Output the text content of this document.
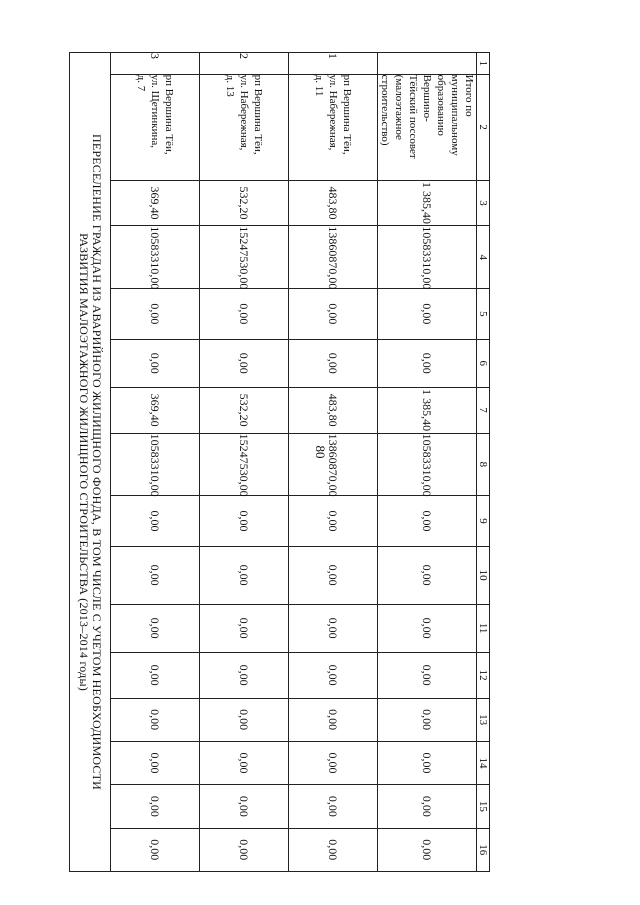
80
1	2	3	4	5	6	7	8	9	10	11	12	13	14	15	16

	Итого по муниципальному
образованию Вершино-
Тёйский поссовет
(малоэтажное
строительство)	1 385,40	10583310,00	0,00	0,00	1 385,40	10583310,00	0,00	0,00	0,00	0,00	0,00	0,00	0,00	0,00
1	рп Вершина Тёи,
ул. Набережная,
д. 11	483,80	13860870,00	0,00	0,00	483,80	13860870,00	0,00	0,00	0,00	0,00	0,00	0,00	0,00	0,00
2	рп Вершина Тёи,
ул. Набережная,
д. 13	532,20	15247530,00	0,00	0,00	532,20	15247530,00	0,00	0,00	0,00	0,00	0,00	0,00	0,00	0,00
3	рп Вершина Тёи,
ул. Щетинкина,
д. 7	369,40	10583310,00	0,00	0,00	369,40	10583310,00	0,00	0,00	0,00	0,00	0,00	0,00	0,00	0,00

ПЕРЕСЕЛЕНИЕ ГРАЖДАН ИЗ АВАРИЙНОГО ЖИЛИЩНОГО ФОНДА, В ТОМ ЧИСЛЕ С УЧЕТОМ НЕОБХОДИМОСТИ
РАЗВИТИЯ МАЛОЭТАЖНОГО ЖИЛИЩНОГО СТРОИТЕЛЬСТВА (2013–2014 годы)															
